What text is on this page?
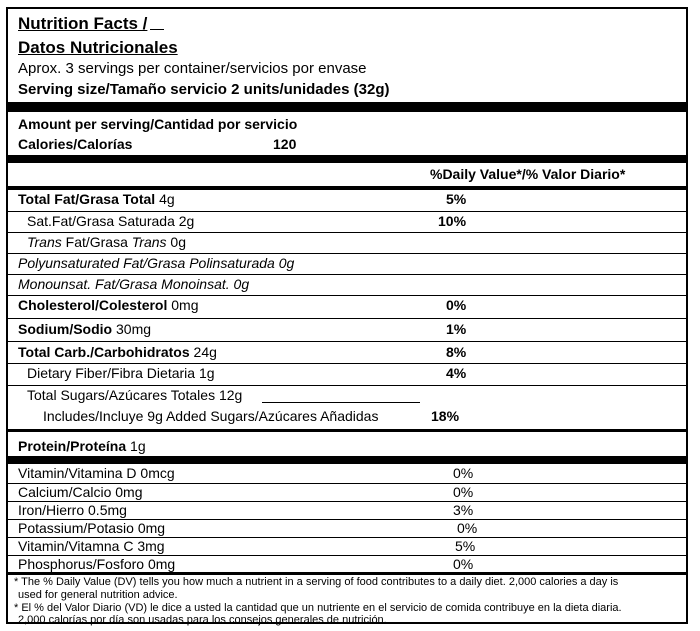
Nutrition Facts /
Datos Nutricionales
Aprox. 3 servings per container/servicios por envase
Serving size/Tamaño servicio 2 units/unidades (32g)
Amount per serving/Cantidad por servicio
Calories/Calorías	120
%Daily Value*/% Valor Diario*
Total Fat/Grasa Total 4g	5%
Sat.Fat/Grasa Saturada 2g	10%
Trans Fat/Grasa Trans 0g
Polyunsaturated Fat/Grasa Polinsaturada 0g
Monounsat. Fat/Grasa Monoinsat. 0g
Cholesterol/Colesterol 0mg	0%
Sodium/Sodio 30mg	1%
Total Carb./Carbohidratos 24g	8%
Dietary Fiber/Fibra Dietaria 1g	4%
Total Sugars/Azúcares Totales 12g
Includes/Incluye 9g Added Sugars/Azúcares Añadidas	18%
Protein/Proteína 1g
Vitamin/Vitamina D 0mcg	0%
Calcium/Calcio 0mg	0%
Iron/Hierro 0.5mg	3%
Potassium/Potasio 0mg	0%
Vitamin/Vitamna C 3mg	5%
Phosphorus/Fosforo 0mg	0%
* The % Daily Value (DV) tells you how much a nutrient in a serving of food contributes to a daily diet. 2,000 calories a day is
used for general nutrition advice.
* El % del Valor Diario (VD) le dice a usted la cantidad que un nutriente en el servicio de comida contribuye en la dieta diaria.
2,000 calorías por día son usadas para los consejos generales de nutrición.
